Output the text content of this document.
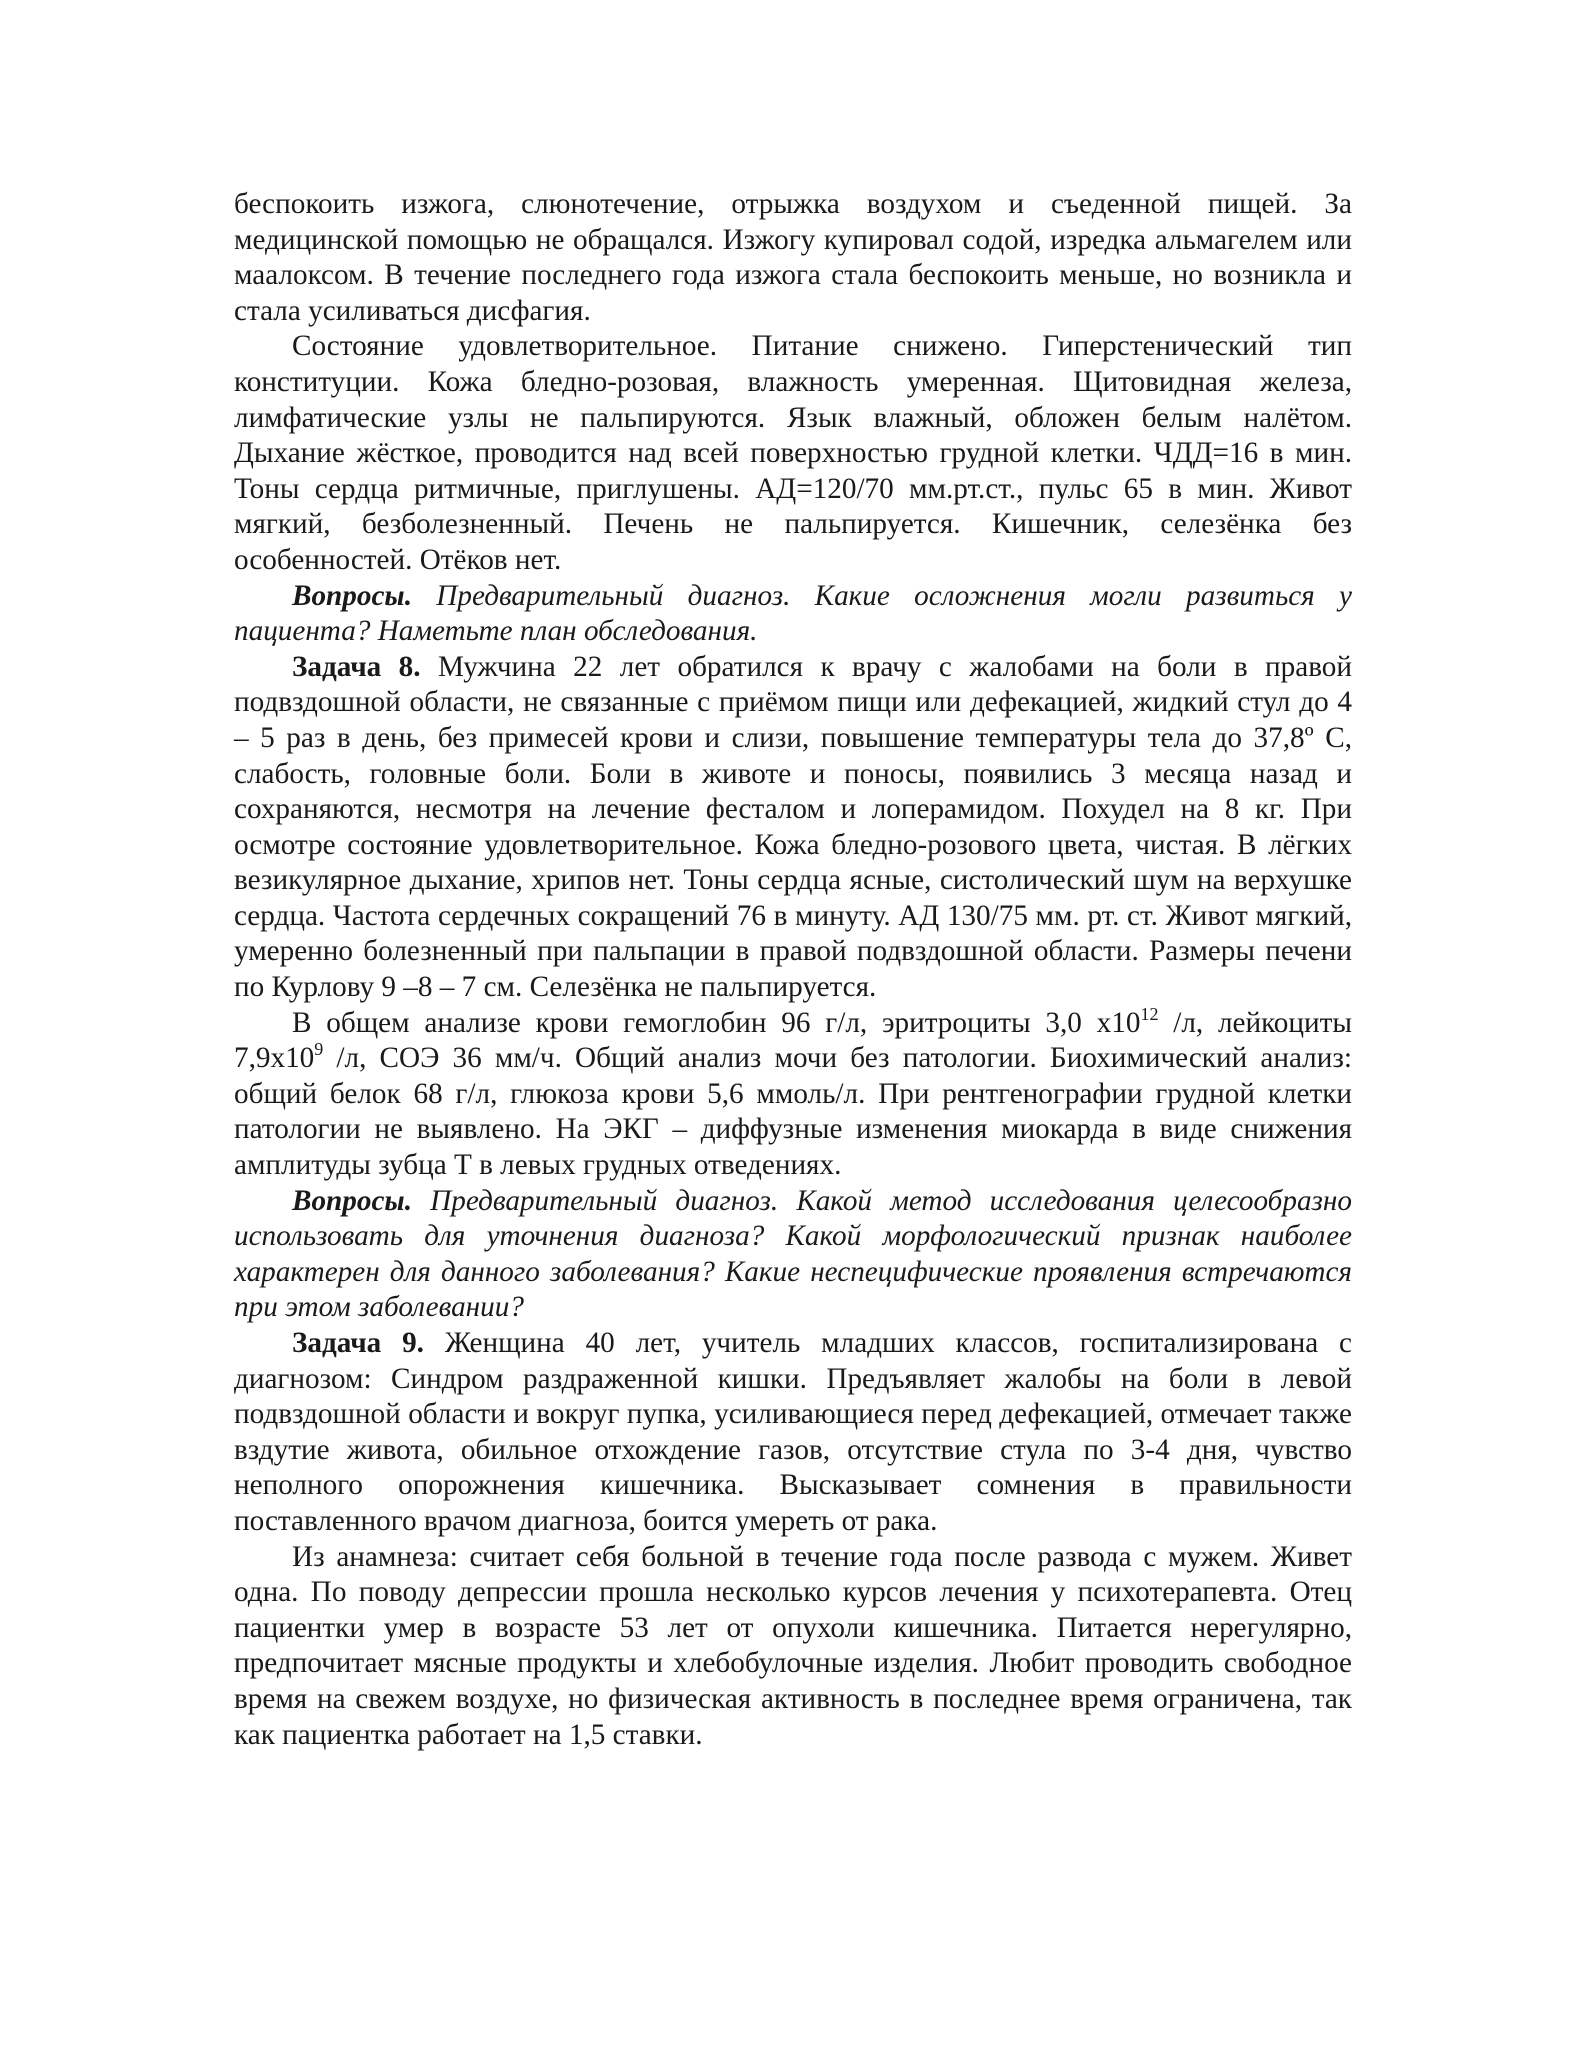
беспокоить изжога, слюнотечение, отрыжка воздухом и съеденной пищей. За медицинской помощью не обращался. Изжогу купировал содой, изредка альмагелем или маалоксом. В течение последнего года изжога стала беспокоить меньше, но возникла и стала усиливаться дисфагия.

Состояние удовлетворительное. Питание снижено. Гиперстенический тип конституции. Кожа бледно-розовая, влажность умеренная. Щитовидная железа, лимфатические узлы не пальпируются. Язык влажный, обложен белым налётом. Дыхание жёсткое, проводится над всей поверхностью грудной клетки. ЧДД=16 в мин. Тоны сердца ритмичные, приглушены. АД=120/70 мм.рт.ст., пульс 65 в мин. Живот мягкий, безболезненный. Печень не пальпируется. Кишечник, селезёнка без особенностей. Отёков нет.

Вопросы. Предварительный диагноз. Какие осложнения могли развиться у пациента? Наметьте план обследования.

Задача 8. Мужчина 22 лет обратился к врачу с жалобами на боли в правой подвздошной области, не связанные с приёмом пищи или дефекацией, жидкий стул до 4 – 5 раз в день, без примесей крови и слизи, повышение температуры тела до 37,8º С, слабость, головные боли. Боли в животе и поносы, появились 3 месяца назад и сохраняются, несмотря на лечение фесталом и лоперамидом. Похудел на 8 кг. При осмотре состояние удовлетворительное. Кожа бледно-розового цвета, чистая. В лёгких везикулярное дыхание, хрипов нет. Тоны сердца ясные, систолический шум на верхушке сердца. Частота сердечных сокращений 76 в минуту. АД 130/75 мм. рт. ст. Живот мягкий, умеренно болезненный при пальпации в правой подвздошной области. Размеры печени по Курлову 9 –8 – 7 см. Селезёнка не пальпируется.

В общем анализе крови гемоглобин 96 г/л, эритроциты 3,0 $х10^{12}$ /л, лейкоциты $7,9х10^9$ /л, СОЭ 36 мм/ч. Общий анализ мочи без патологии. Биохимический анализ: общий белок 68 г/л, глюкоза крови 5,6 ммоль/л. При рентгенографии грудной клетки патологии не выявлено. На ЭКГ – диффузные изменения миокарда в виде снижения амплитуды зубца Т в левых грудных отведениях.

Вопросы. Предварительный диагноз. Какой метод исследования целесообразно использовать для уточнения диагноза? Какой морфологический признак наиболее характерен для данного заболевания? Какие неспецифические проявления встречаются при этом заболевании?

Задача 9. Женщина 40 лет, учитель младших классов, госпитализирована с диагнозом: Синдром раздраженной кишки. Предъявляет жалобы на боли в левой подвздошной области и вокруг пупка, усиливающиеся перед дефекацией, отмечает также вздутие живота, обильное отхождение газов, отсутствие стула по 3-4 дня, чувство неполного опорожнения кишечника. Высказывает сомнения в правильности поставленного врачом диагноза, боится умереть от рака.

Из анамнеза: считает себя больной в течение года после развода с мужем. Живет одна. По поводу депрессии прошла несколько курсов лечения у психотерапевта. Отец пациентки умер в возрасте 53 лет от опухоли кишечника. Питается нерегулярно, предпочитает мясные продукты и хлебобулочные изделия. Любит проводить свободное время на свежем воздухе, но физическая активность в последнее время ограничена, так как пациентка работает на 1,5 ставки.
